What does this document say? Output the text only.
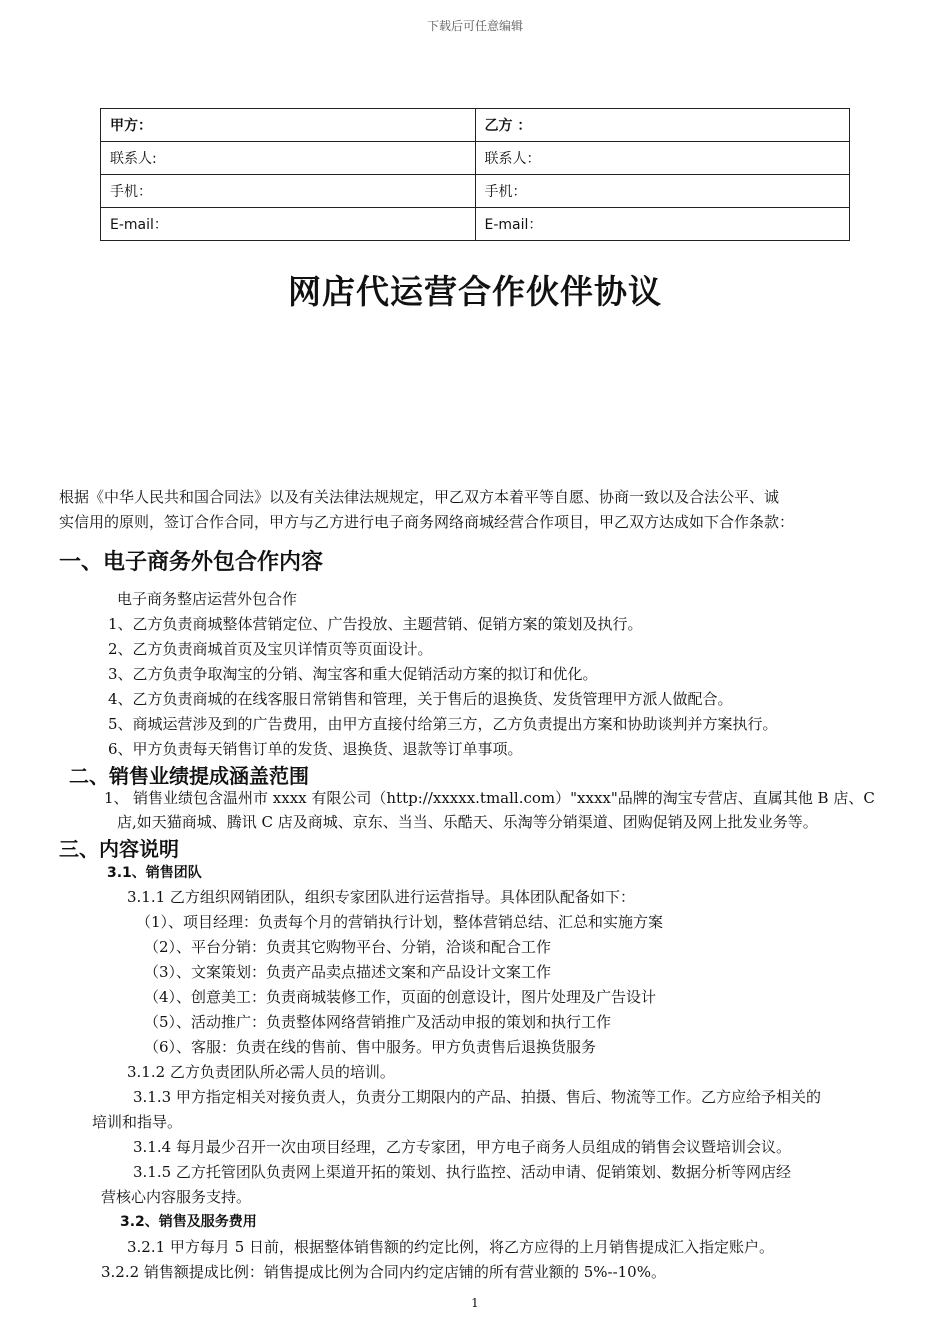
下载后可任意编辑
甲方：	乙方 ：
联系人:	联系人：
手机：	手机：
E-mail：	E-mail：
网店代运营合作伙伴协议
根据《中华人民共和国合同法》以及有关法律法规规定，甲乙双方本着平等自愿、协商一致以及合法公平、诚
实信用的原则，签订合作合同，甲方与乙方进行电子商务网络商城经营合作项目，甲乙双方达成如下合作条款：
一、电子商务外包合作内容
电子商务整店运营外包合作
1、乙方负责商城整体营销定位、广告投放、主题营销、促销方案的策划及执行。
2、乙方负责商城首页及宝贝详情页等页面设计。
3、乙方负责争取淘宝的分销、淘宝客和重大促销活动方案的拟订和优化。
4、乙方负责商城的在线客服日常销售和管理，关于售后的退换货、发货管理甲方派人做配合。
5、商城运营涉及到的广告费用，由甲方直接付给第三方，乙方负责提出方案和协助谈判并方案执行。
6、甲方负责每天销售订单的发货、退换货、退款等订单事项。
二、销售业绩提成涵盖范围
1、 销售业绩包含温州市 xxxx 有限公司（http://xxxxx.tmall.com）"xxxx"品牌的淘宝专营店、直属其他 B 店、C
店,如天猫商城、腾讯 C 店及商城、京东、当当、乐酷天、乐淘等分销渠道、团购促销及网上批发业务等。
三、内容说明
3.1、销售团队
3.1.1 乙方组织网销团队，组织专家团队进行运营指导。具体团队配备如下：
（1）、项目经理：负责每个月的营销执行计划，整体营销总结、汇总和实施方案
（2）、平台分销：负责其它购物平台、分销，洽谈和配合工作
（3）、文案策划：负责产品卖点描述文案和产品设计文案工作
（4）、创意美工：负责商城装修工作，页面的创意设计，图片处理及广告设计
（5）、活动推广：负责整体网络营销推广及活动申报的策划和执行工作
（6）、客服：负责在线的售前、售中服务。甲方负责售后退换货服务
3.1.2 乙方负责团队所必需人员的培训。
3.1.3 甲方指定相关对接负责人，负责分工期限内的产品、拍摄、售后、物流等工作。乙方应给予相关的
培训和指导。
3.1.4 每月最少召开一次由项目经理，乙方专家团，甲方电子商务人员组成的销售会议暨培训会议。
3.1.5 乙方托管团队负责网上渠道开拓的策划、执行监控、活动申请、促销策划、数据分析等网店经
营核心内容服务支持。
3.2、销售及服务费用
3.2.1 甲方每月 5 日前，根据整体销售额的约定比例，将乙方应得的上月销售提成汇入指定账户。
3.2.2 销售额提成比例：销售提成比例为合同内约定店铺的所有营业额的 5%--10%。
1
